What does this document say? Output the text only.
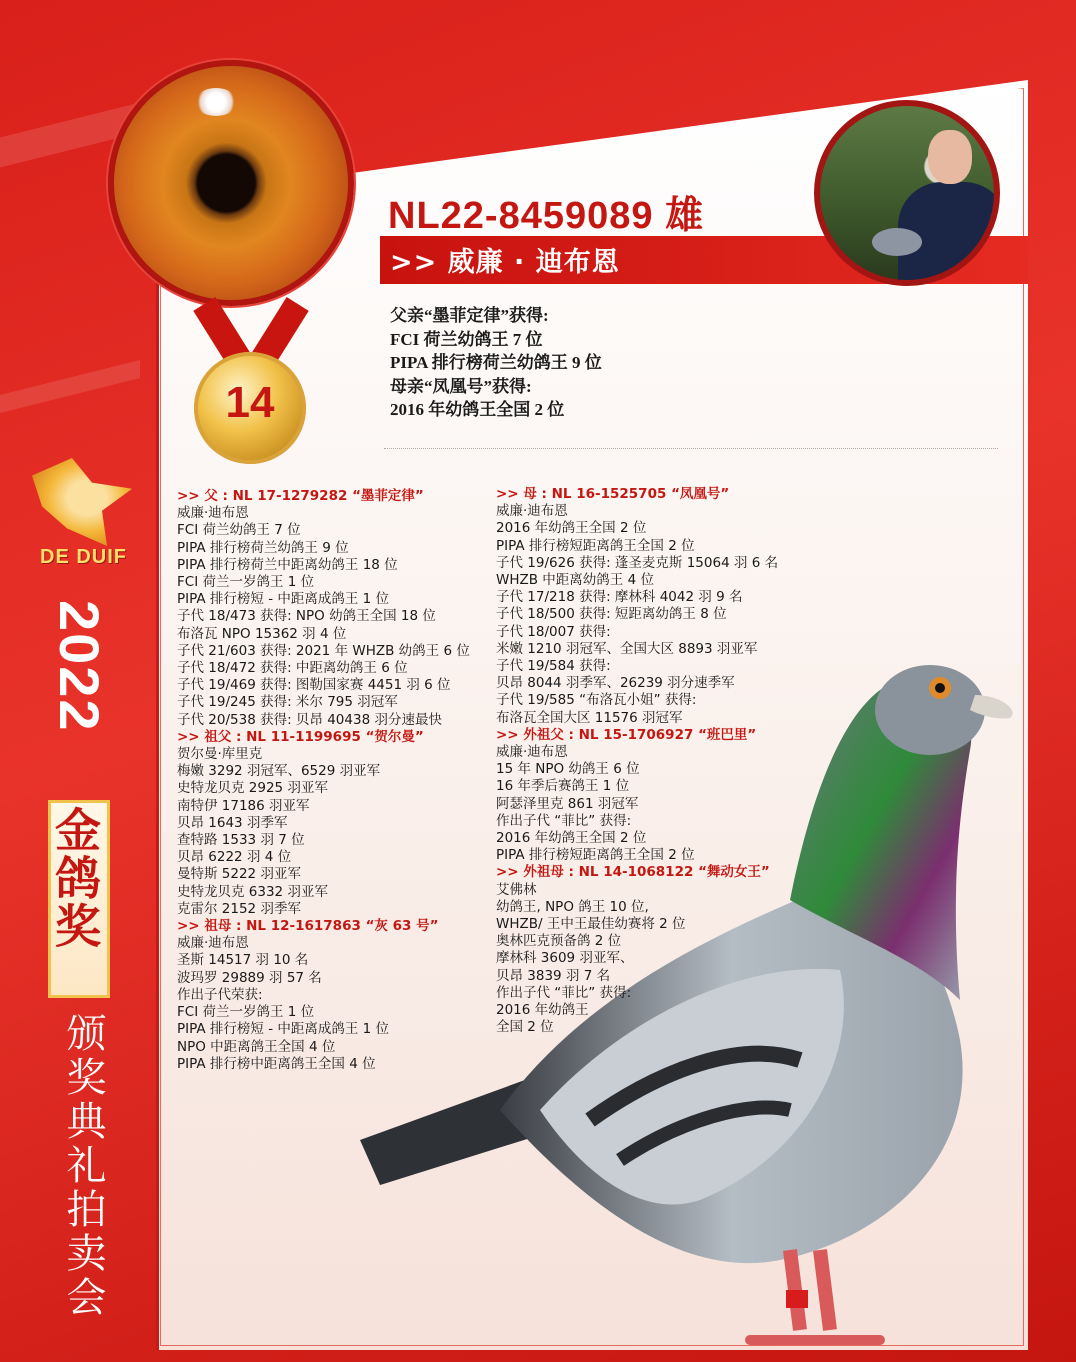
>> 威廉 · 迪布恩
NL22-8459089 雄
14
父亲“墨菲定律”获得:
FCI 荷兰幼鸽王 7 位
PIPA 排行榜荷兰幼鸽王 9 位
母亲“凤凰号”获得:
2016 年幼鸽王全国 2 位
DE DUIF
2022
金鸽奖
颁奖典礼拍卖会
>> 父 : NL 17-1279282 “墨菲定律”
威廉·迪布恩
FCI 荷兰幼鸽王 7 位
PIPA 排行榜荷兰幼鸽王 9 位
PIPA 排行榜荷兰中距离幼鸽王 18 位
FCI 荷兰一岁鸽王 1 位
PIPA 排行榜短 - 中距离成鸽王 1 位
子代 18/473 获得: NPO 幼鸽王全国 18 位
布洛瓦 NPO 15362 羽 4 位
子代 21/603 获得: 2021 年 WHZB 幼鸽王 6 位
子代 18/472 获得: 中距离幼鸽王 6 位
子代 19/469 获得: 图勒国家赛 4451 羽 6 位
子代 19/245 获得: 米尔 795 羽冠军
子代 20/538 获得: 贝昂 40438 羽分速最快
>> 祖父 : NL 11-1199695 “贺尔曼”
贺尔曼·库里克
梅嫩 3292 羽冠军、6529 羽亚军
史特龙贝克 2925 羽亚军
南特伊 17186 羽亚军
贝昂 1643 羽季军
查特路 1533 羽 7 位
贝昂 6222 羽 4 位
曼特斯 5222 羽亚军
史特龙贝克 6332 羽亚军
克雷尔 2152 羽季军
>> 祖母 : NL 12-1617863 “灰 63 号”
威廉·迪布恩
圣斯 14517 羽 10 名
波玛罗 29889 羽 57 名
作出子代荣获:
FCI 荷兰一岁鸽王 1 位
PIPA 排行榜短 - 中距离成鸽王 1 位
NPO 中距离鸽王全国 4 位
PIPA 排行榜中距离鸽王全国 4 位
>> 母 : NL 16-1525705 “凤凰号”
威廉·迪布恩
2016 年幼鸽王全国 2 位
PIPA 排行榜短距离鸽王全国 2 位
子代 19/626 获得: 蓬圣麦克斯 15064 羽 6 名
WHZB 中距离幼鸽王 4 位
子代 17/218 获得: 摩林科 4042 羽 9 名
子代 18/500 获得: 短距离幼鸽王 8 位
子代 18/007 获得:
米嫩 1210 羽冠军、全国大区 8893 羽亚军
子代 19/584 获得:
贝昂 8044 羽季军、26239 羽分速季军
子代 19/585 “布洛瓦小姐” 获得:
布洛瓦全国大区 11576 羽冠军
>> 外祖父 : NL 15-1706927 “班巴里”
威廉·迪布恩
15 年 NPO 幼鸽王 6 位
16 年季后赛鸽王 1 位
阿瑟泽里克 861 羽冠军
作出子代 “菲比” 获得:
2016 年幼鸽王全国 2 位
PIPA 排行榜短距离鸽王全国 2 位
>> 外祖母 : NL 14-1068122 “舞动女王”
艾佛林
幼鸽王, NPO 鸽王 10 位,
WHZB/ 王中王最佳幼赛将 2 位
奥林匹克预备鸽 2 位
摩林科 3609 羽亚军、
贝昂 3839 羽 7 名
作出子代 “菲比” 获得:
2016 年幼鸽王
全国 2 位
